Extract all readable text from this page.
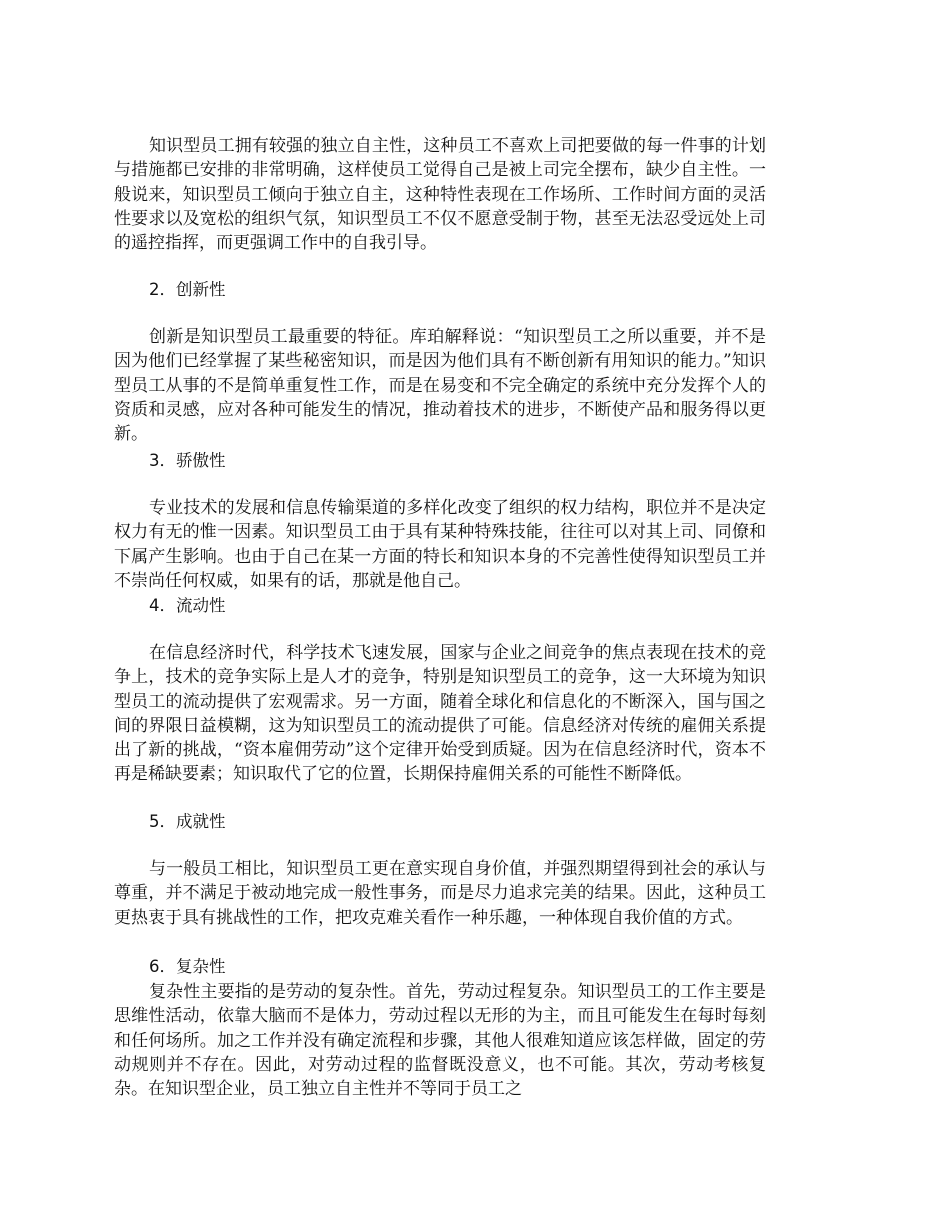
知识型员工拥有较强的独立自主性，这种员工不喜欢上司把要做的每一件事的计划与措施都已安排的非常明确，这样使员工觉得自己是被上司完全摆布，缺少自主性。一般说来，知识型员工倾向于独立自主，这种特性表现在工作场所、工作时间方面的灵活性要求以及宽松的组织气氛，知识型员工不仅不愿意受制于物，甚至无法忍受远处上司的遥控指挥，而更强调工作中的自我引导。

2．创新性

创新是知识型员工最重要的特征。库珀解释说：“知识型员工之所以重要，并不是因为他们已经掌握了某些秘密知识，而是因为他们具有不断创新有用知识的能力。”知识型员工从事的不是简单重复性工作，而是在易变和不完全确定的系统中充分发挥个人的资质和灵感，应对各种可能发生的情况，推动着技术的进步，不断使产品和服务得以更新。

3．骄傲性

专业技术的发展和信息传输渠道的多样化改变了组织的权力结构，职位并不是决定权力有无的惟一因素。知识型员工由于具有某种特殊技能，往往可以对其上司、同僚和下属产生影响。也由于自己在某一方面的特长和知识本身的不完善性使得知识型员工并不崇尚任何权威，如果有的话，那就是他自己。

4．流动性

在信息经济时代，科学技术飞速发展，国家与企业之间竞争的焦点表现在技术的竞争上，技术的竞争实际上是人才的竞争，特别是知识型员工的竞争，这一大环境为知识型员工的流动提供了宏观需求。另一方面，随着全球化和信息化的不断深入，国与国之间的界限日益模糊，这为知识型员工的流动提供了可能。信息经济对传统的雇佣关系提出了新的挑战，“资本雇佣劳动”这个定律开始受到质疑。因为在信息经济时代，资本不再是稀缺要素；知识取代了它的位置，长期保持雇佣关系的可能性不断降低。

5．成就性

与一般员工相比，知识型员工更在意实现自身价值，并强烈期望得到社会的承认与尊重，并不满足于被动地完成一般性事务，而是尽力追求完美的结果。因此，这种员工更热衷于具有挑战性的工作，把攻克难关看作一种乐趣，一种体现自我价值的方式。

6．复杂性

复杂性主要指的是劳动的复杂性。首先，劳动过程复杂。知识型员工的工作主要是思维性活动，依靠大脑而不是体力，劳动过程以无形的为主，而且可能发生在每时每刻和任何场所。加之工作并没有确定流程和步骤，其他人很难知道应该怎样做，固定的劳动规则并不存在。因此，对劳动过程的监督既没意义，也不可能。其次，劳动考核复杂。在知识型企业，员工独立自主性并不等同于员工之
